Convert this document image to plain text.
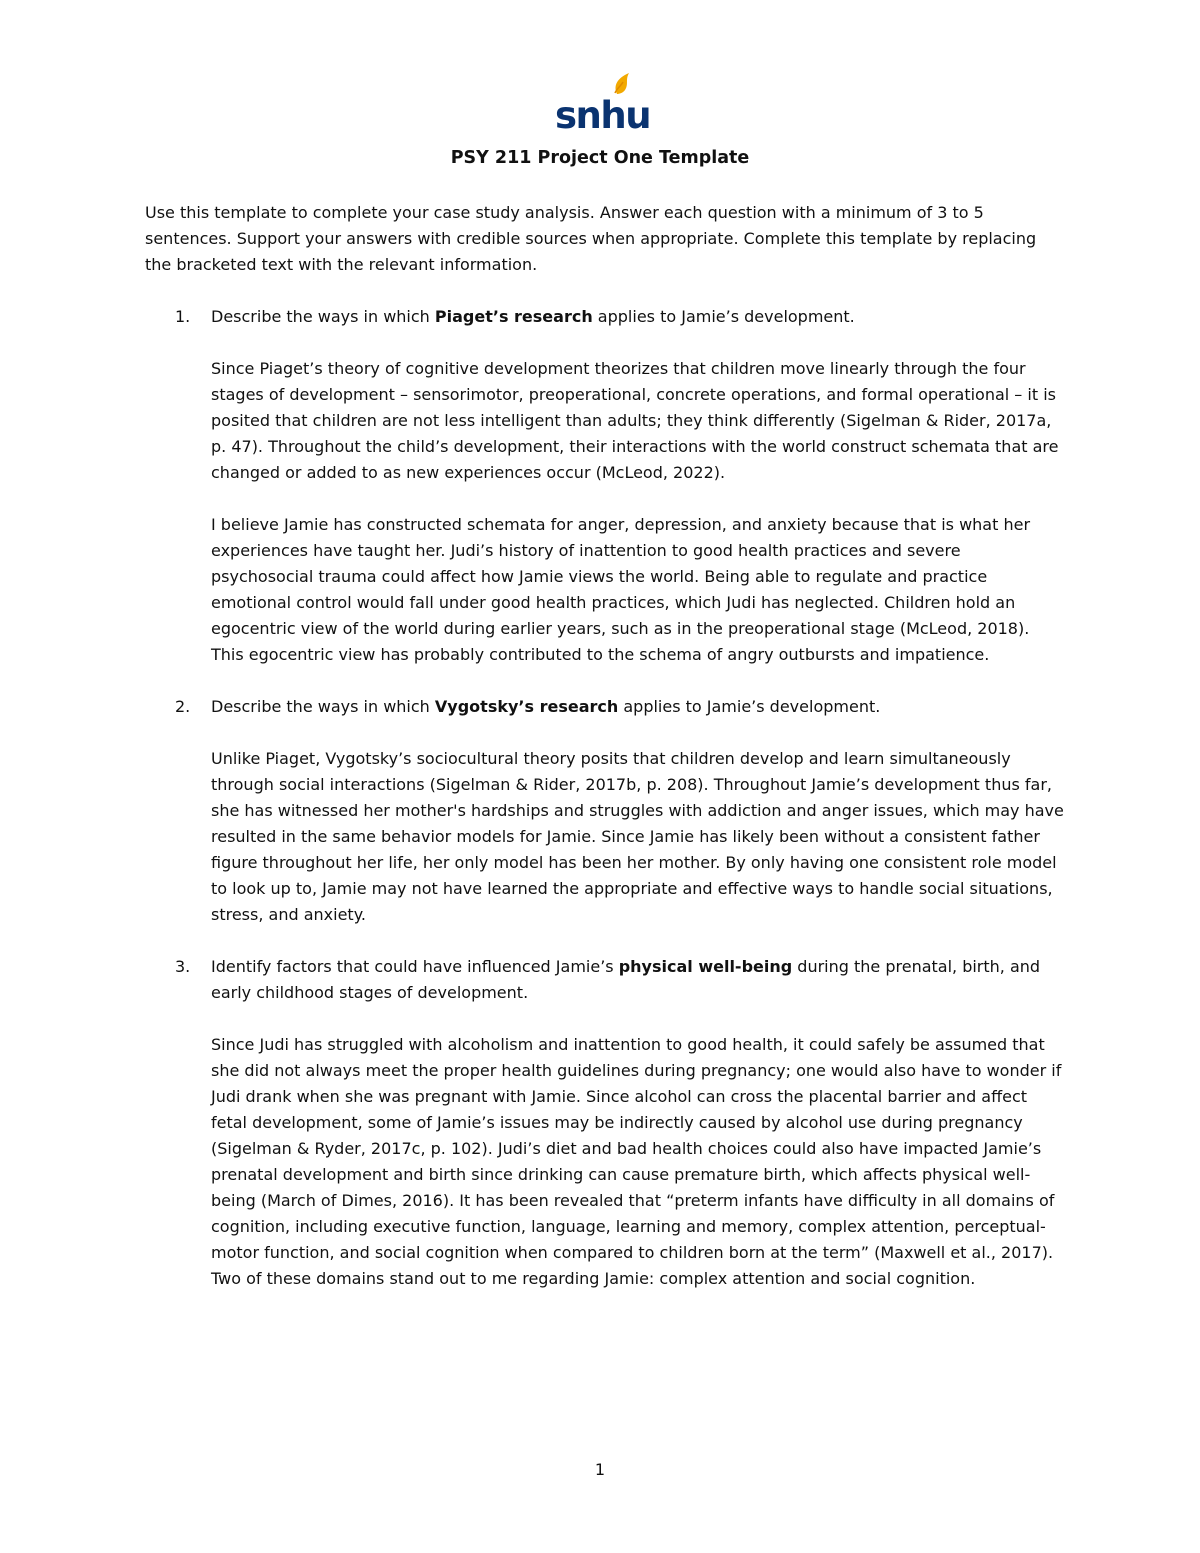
snhu
PSY 211 Project One Template

Use this template to complete your case study analysis. Answer each question with a minimum of 3 to 5 sentences. Support your answers with credible sources when appropriate. Complete this template by replacing the bracketed text with the relevant information.

1.	Describe the ways in which Piaget’s research applies to Jamie’s development.

Since Piaget’s theory of cognitive development theorizes that children move linearly through the four stages of development – sensorimotor, preoperational, concrete operations, and formal operational – it is posited that children are not less intelligent than adults; they think differently (Sigelman & Rider, 2017a, p. 47). Throughout the child’s development, their interactions with the world construct schemata that are changed or added to as new experiences occur (McLeod, 2022).

I believe Jamie has constructed schemata for anger, depression, and anxiety because that is what her experiences have taught her. Judi’s history of inattention to good health practices and severe psychosocial trauma could affect how Jamie views the world. Being able to regulate and practice emotional control would fall under good health practices, which Judi has neglected. Children hold an egocentric view of the world during earlier years, such as in the preoperational stage (McLeod, 2018). This egocentric view has probably contributed to the schema of angry outbursts and impatience.

2.	Describe the ways in which Vygotsky’s research applies to Jamie’s development.

Unlike Piaget, Vygotsky’s sociocultural theory posits that children develop and learn simultaneously through social interactions (Sigelman & Rider, 2017b, p. 208). Throughout Jamie’s development thus far, she has witnessed her mother's hardships and struggles with addiction and anger issues, which may have resulted in the same behavior models for Jamie. Since Jamie has likely been without a consistent father figure throughout her life, her only model has been her mother. By only having one consistent role model to look up to, Jamie may not have learned the appropriate and effective ways to handle social situations, stress, and anxiety.

3.	Identify factors that could have influenced Jamie’s physical well-being during the prenatal, birth, and early childhood stages of development.

Since Judi has struggled with alcoholism and inattention to good health, it could safely be assumed that she did not always meet the proper health guidelines during pregnancy; one would also have to wonder if Judi drank when she was pregnant with Jamie. Since alcohol can cross the placental barrier and affect fetal development, some of Jamie’s issues may be indirectly caused by alcohol use during pregnancy (Sigelman & Ryder, 2017c, p. 102). Judi’s diet and bad health choices could also have impacted Jamie’s prenatal development and birth since drinking can cause premature birth, which affects physical well-being (March of Dimes, 2016). It has been revealed that “preterm infants have difficulty in all domains of cognition, including executive function, language, learning and memory, complex attention, perceptual-motor function, and social cognition when compared to children born at the term” (Maxwell et al., 2017). Two of these domains stand out to me regarding Jamie: complex attention and social cognition.

1
